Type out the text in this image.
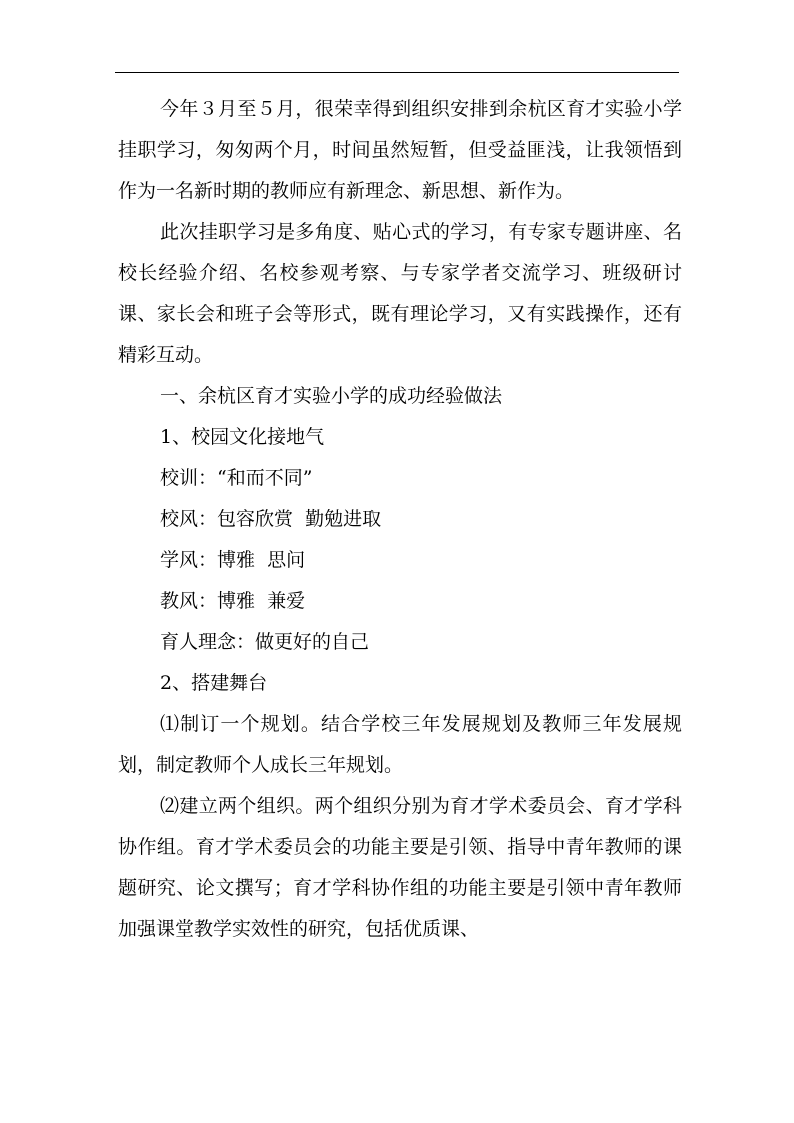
今年３月至５月，很荣幸得到组织安排到余杭区育才实验小学挂职学习，匆匆两个月，时间虽然短暂，但受益匪浅，让我领悟到作为一名新时期的教师应有新理念、新思想、新作为。

此次挂职学习是多角度、贴心式的学习，有专家专题讲座、名校长经验介绍、名校参观考察、与专家学者交流学习、班级研讨课、家长会和班子会等形式，既有理论学习，又有实践操作，还有精彩互动。

一、余杭区育才实验小学的成功经验做法

1、校园文化接地气

校训：“和而不同”

校风：包容欣赏  勤勉进取

学风：博雅  思问

教风：博雅  兼爱

育人理念：做更好的自己

2、搭建舞台

⑴制订一个规划。结合学校三年发展规划及教师三年发展规划，制定教师个人成长三年规划。

⑵建立两个组织。两个组织分别为育才学术委员会、育才学科协作组。育才学术委员会的功能主要是引领、指导中青年教师的课题研究、论文撰写；育才学科协作组的功能主要是引领中青年教师加强课堂教学实效性的研究，包括优质课、
